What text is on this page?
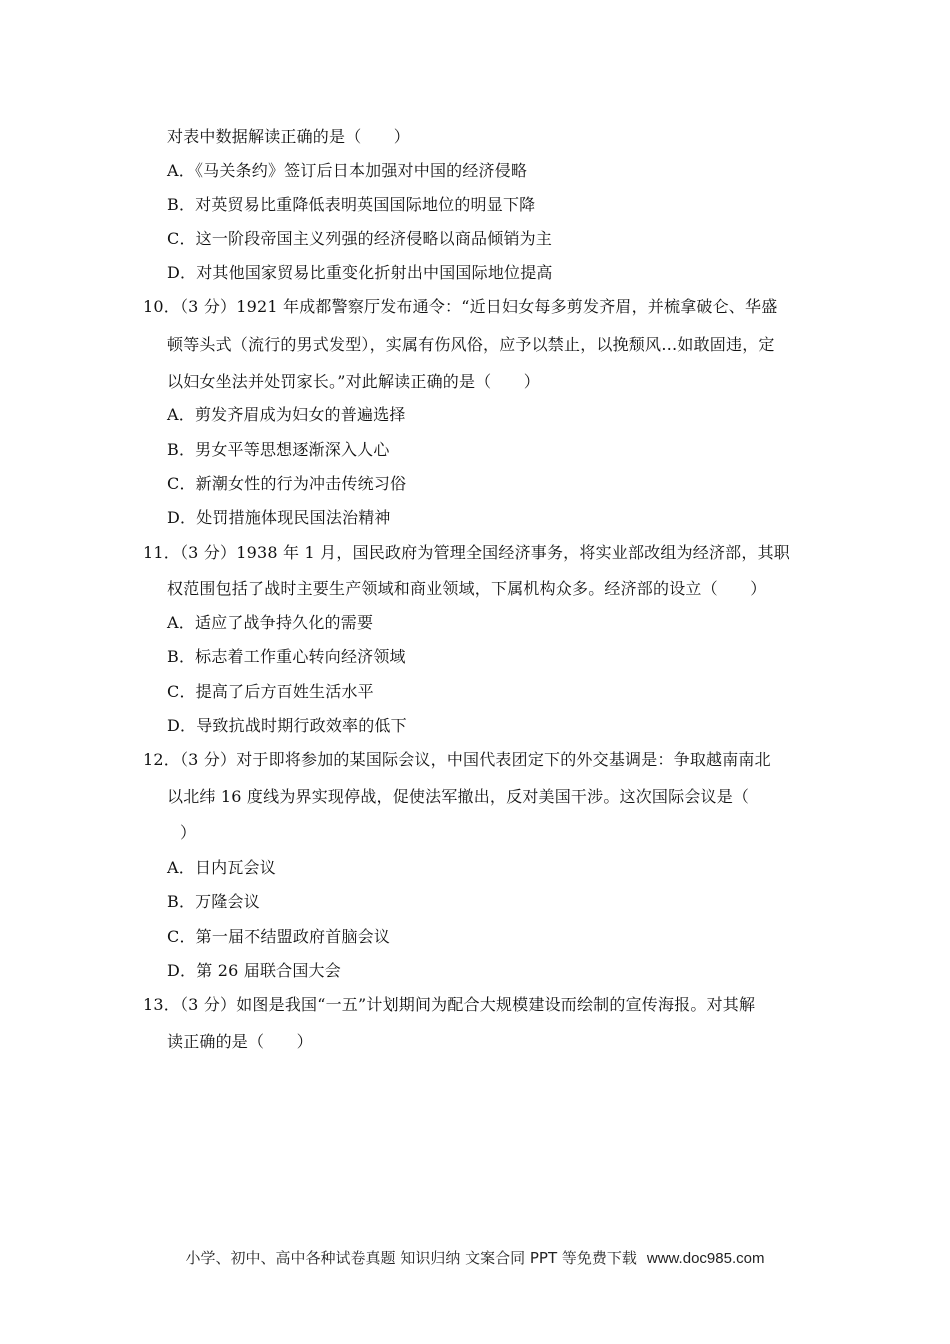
对表中数据解读正确的是（　　）
A．《马关条约》签订后日本加强对中国的经济侵略
B．对英贸易比重降低表明英国国际地位的明显下降
C．这一阶段帝国主义列强的经济侵略以商品倾销为主
D．对其他国家贸易比重变化折射出中国国际地位提高
10．（3 分）1921 年成都警察厅发布通令：“近日妇女每多剪发齐眉，并梳拿破仑、华盛
顿等头式（流行的男式发型），实属有伤风俗，应予以禁止，以挽颓风…如敢固违，定
以妇女坐法并处罚家长。”对此解读正确的是（　　）
A．剪发齐眉成为妇女的普遍选择
B．男女平等思想逐渐深入人心
C．新潮女性的行为冲击传统习俗
D．处罚措施体现民国法治精神
11．（3 分）1938 年 1 月，国民政府为管理全国经济事务，将实业部改组为经济部，其职
权范围包括了战时主要生产领域和商业领域，下属机构众多。经济部的设立（　　）
A．适应了战争持久化的需要
B．标志着工作重心转向经济领域
C．提高了后方百姓生活水平
D．导致抗战时期行政效率的低下
12．（3 分）对于即将参加的某国际会议，中国代表团定下的外交基调是：争取越南南北
以北纬 16 度线为界实现停战，促使法军撤出，反对美国干涉。这次国际会议是（
）
A．日内瓦会议
B．万隆会议
C．第一届不结盟政府首脑会议
D．第 26 届联合国大会
13．（3 分）如图是我国“一五”计划期间为配合大规模建设而绘制的宣传海报。对其解
读正确的是（　　）
小学、初中、高中各种试卷真题 知识归纳 文案合同 PPT 等免费下载 www.doc985.com
